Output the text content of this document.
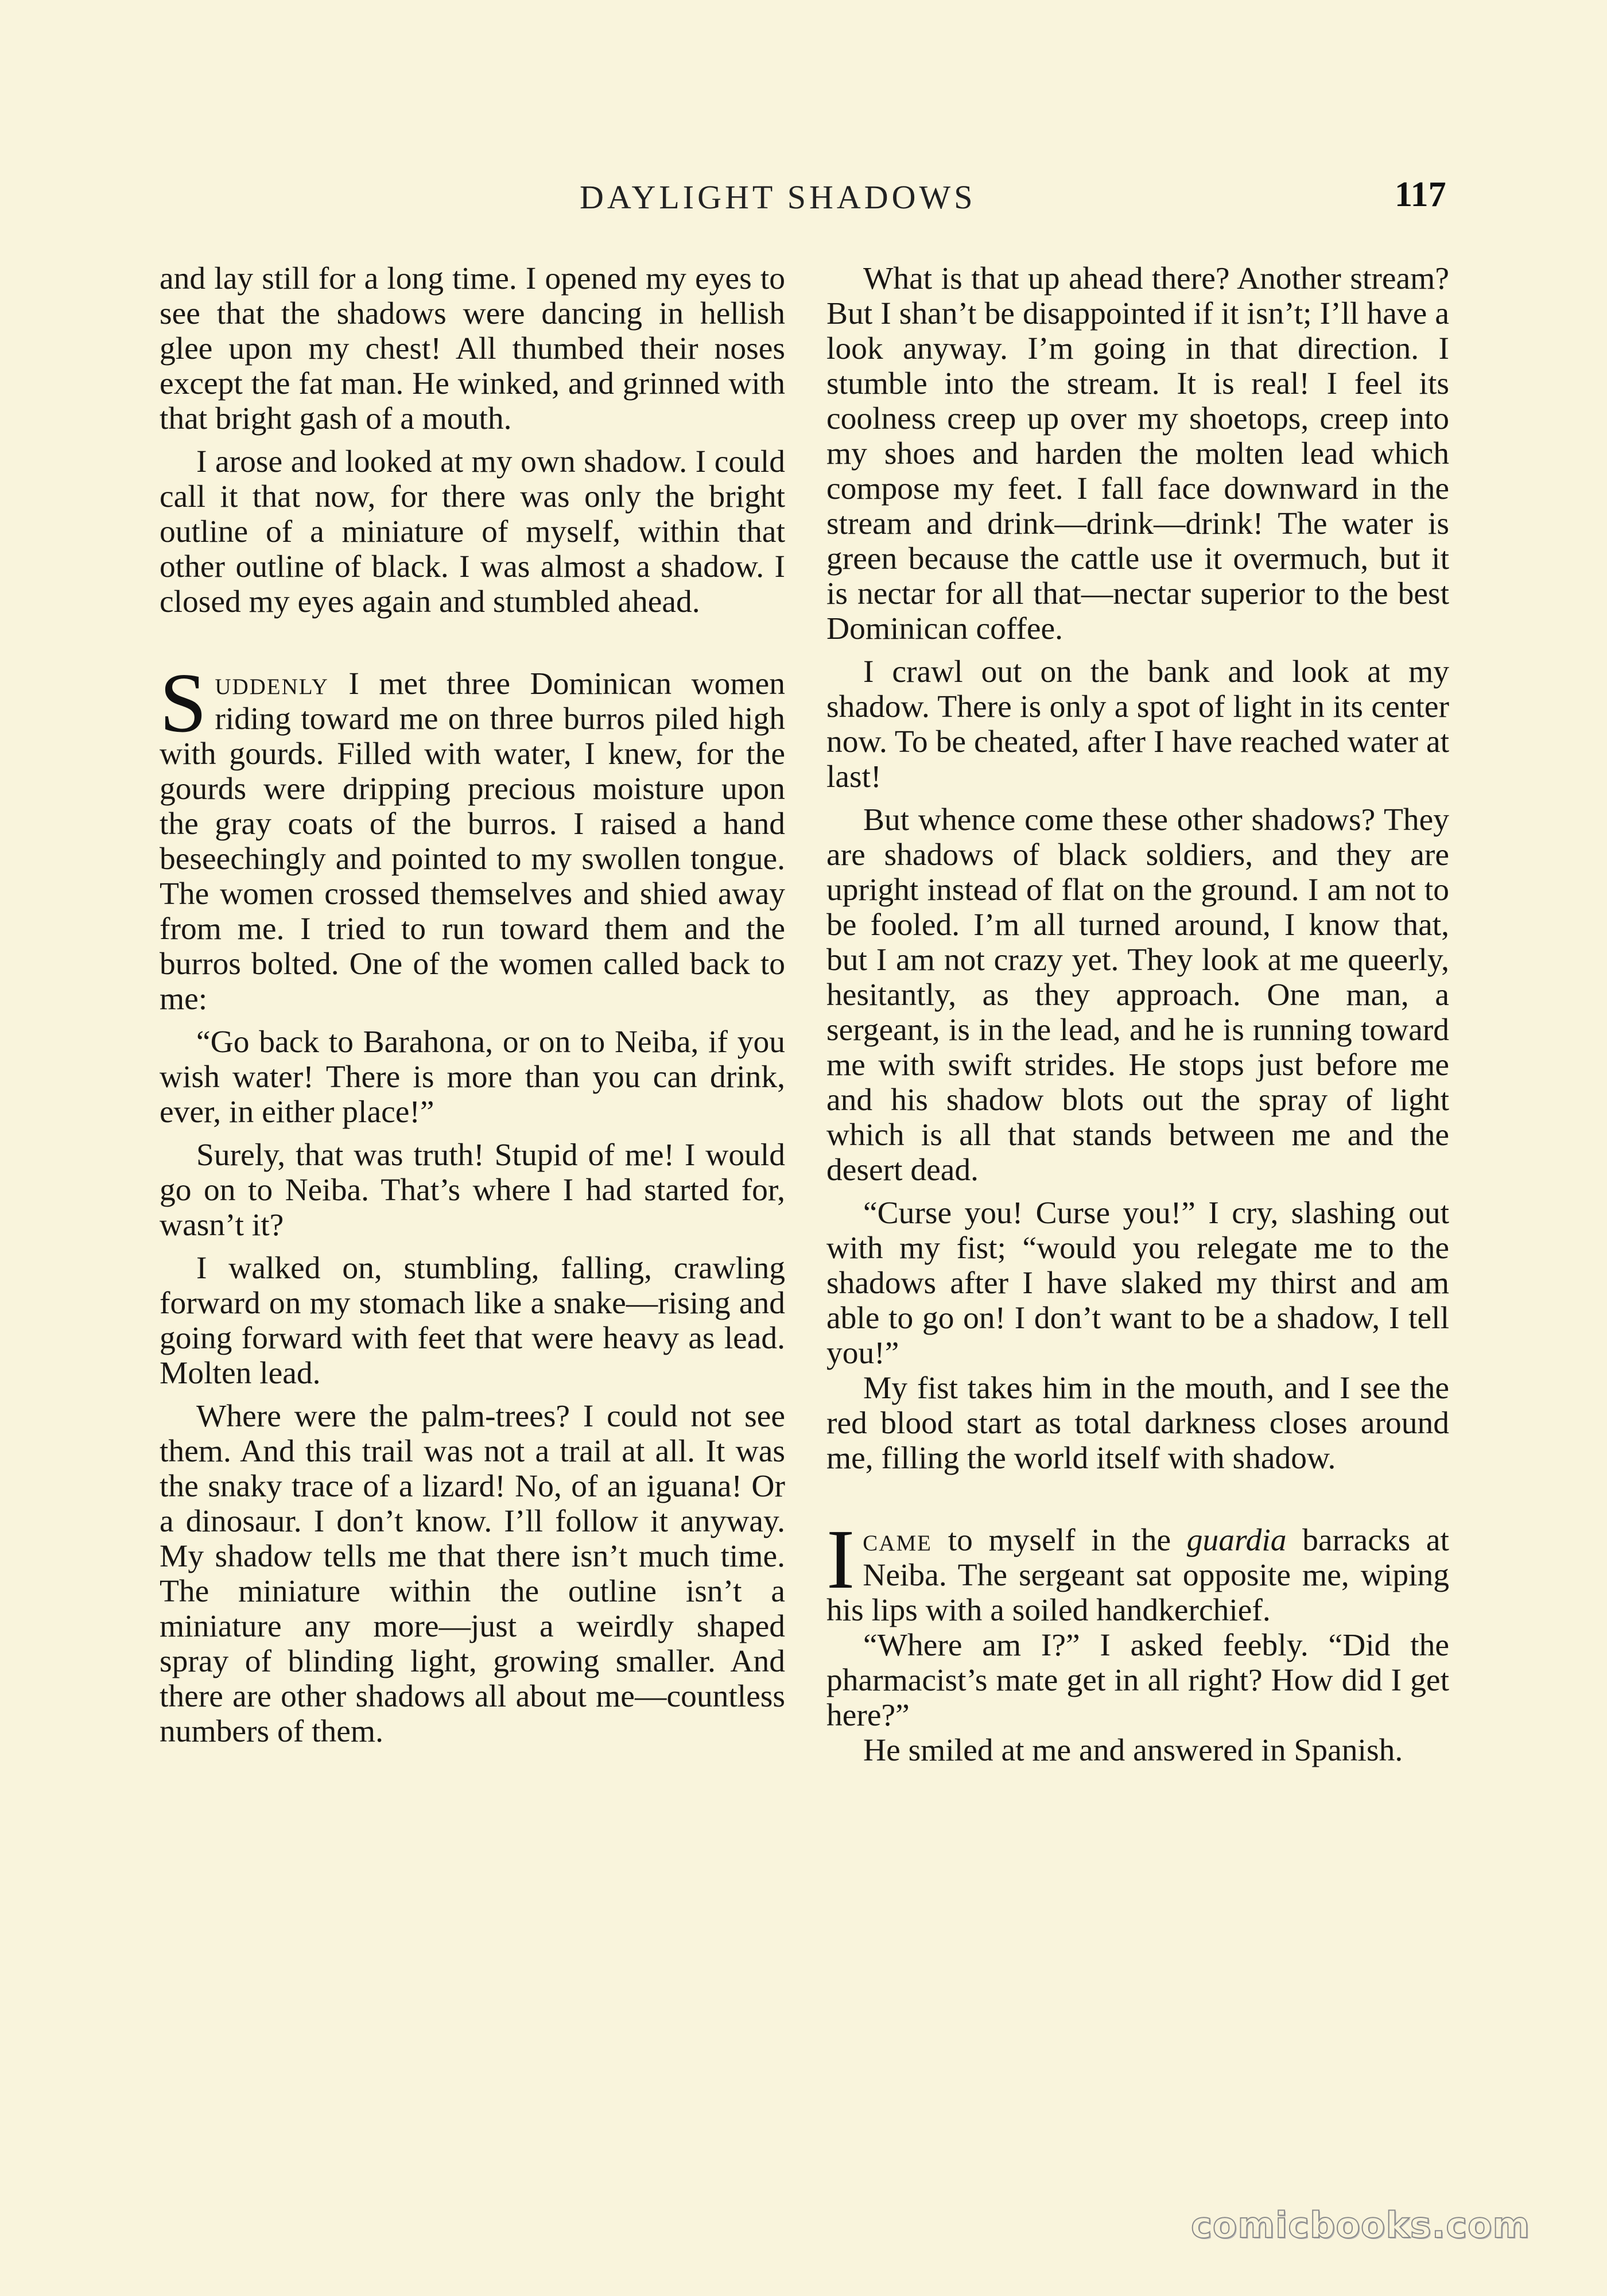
DAYLIGHT SHADOWS	117

and lay still for a long time. I opened my eyes to see that the shadows were dancing in hellish glee upon my chest! All thumbed their noses except the fat man. He winked, and grinned with that bright gash of a mouth.

I arose and looked at my own shadow. I could call it that now, for there was only the bright outline of a miniature of myself, within that other outline of black. I was almost a shadow. I closed my eyes again and stumbled ahead.

Suddenly I met three Dominican women riding toward me on three burros piled high with gourds. Filled with water, I knew, for the gourds were dripping precious moisture upon the gray coats of the burros. I raised a hand beseechingly and pointed to my swollen tongue. The women crossed themselves and shied away from me. I tried to run toward them and the burros bolted. One of the women called back to me:

“Go back to Barahona, or on to Neiba, if you wish water! There is more than you can drink, ever, in either place!”

Surely, that was truth! Stupid of me! I would go on to Neiba. That’s where I had started for, wasn’t it?

I walked on, stumbling, falling, crawling forward on my stomach like a snake—rising and going forward with feet that were heavy as lead. Molten lead.

Where were the palm-trees? I could not see them. And this trail was not a trail at all. It was the snaky trace of a lizard! No, of an iguana! Or a dinosaur. I don’t know. I’ll follow it anyway. My shadow tells me that there isn’t much time. The miniature within the outline isn’t a miniature any more—just a weirdly shaped spray of blinding light, growing smaller. And there are other shadows all about me—countless numbers of them.

What is that up ahead there? Another stream? But I shan’t be disappointed if it isn’t; I’ll have a look anyway. I’m going in that direction. I stumble into the stream. It is real! I feel its coolness creep up over my shoetops, creep into my shoes and harden the molten lead which compose my feet. I fall face downward in the stream and drink—drink—drink! The water is green because the cattle use it overmuch, but it is nectar for all that—nectar superior to the best Dominican coffee.

I crawl out on the bank and look at my shadow. There is only a spot of light in its center now. To be cheated, after I have reached water at last!

But whence come these other shadows? They are shadows of black soldiers, and they are upright instead of flat on the ground. I am not to be fooled. I’m all turned around, I know that, but I am not crazy yet. They look at me queerly, hesitantly, as they approach. One man, a sergeant, is in the lead, and he is running toward me with swift strides. He stops just before me and his shadow blots out the spray of light which is all that stands between me and the desert dead.

“Curse you! Curse you!” I cry, slashing out with my fist; “would you relegate me to the shadows after I have slaked my thirst and am able to go on! I don’t want to be a shadow, I tell you!”

My fist takes him in the mouth, and I see the red blood start as total darkness closes around me, filling the world itself with shadow.

Icame to myself in the guardia barracks at Neiba. The sergeant sat opposite me, wiping his lips with a soiled handkerchief.

“Where am I?” I asked feebly. “Did the pharmacist’s mate get in all right? How did I get here?”

He smiled at me and answered in Spanish.

comicbooks.com
